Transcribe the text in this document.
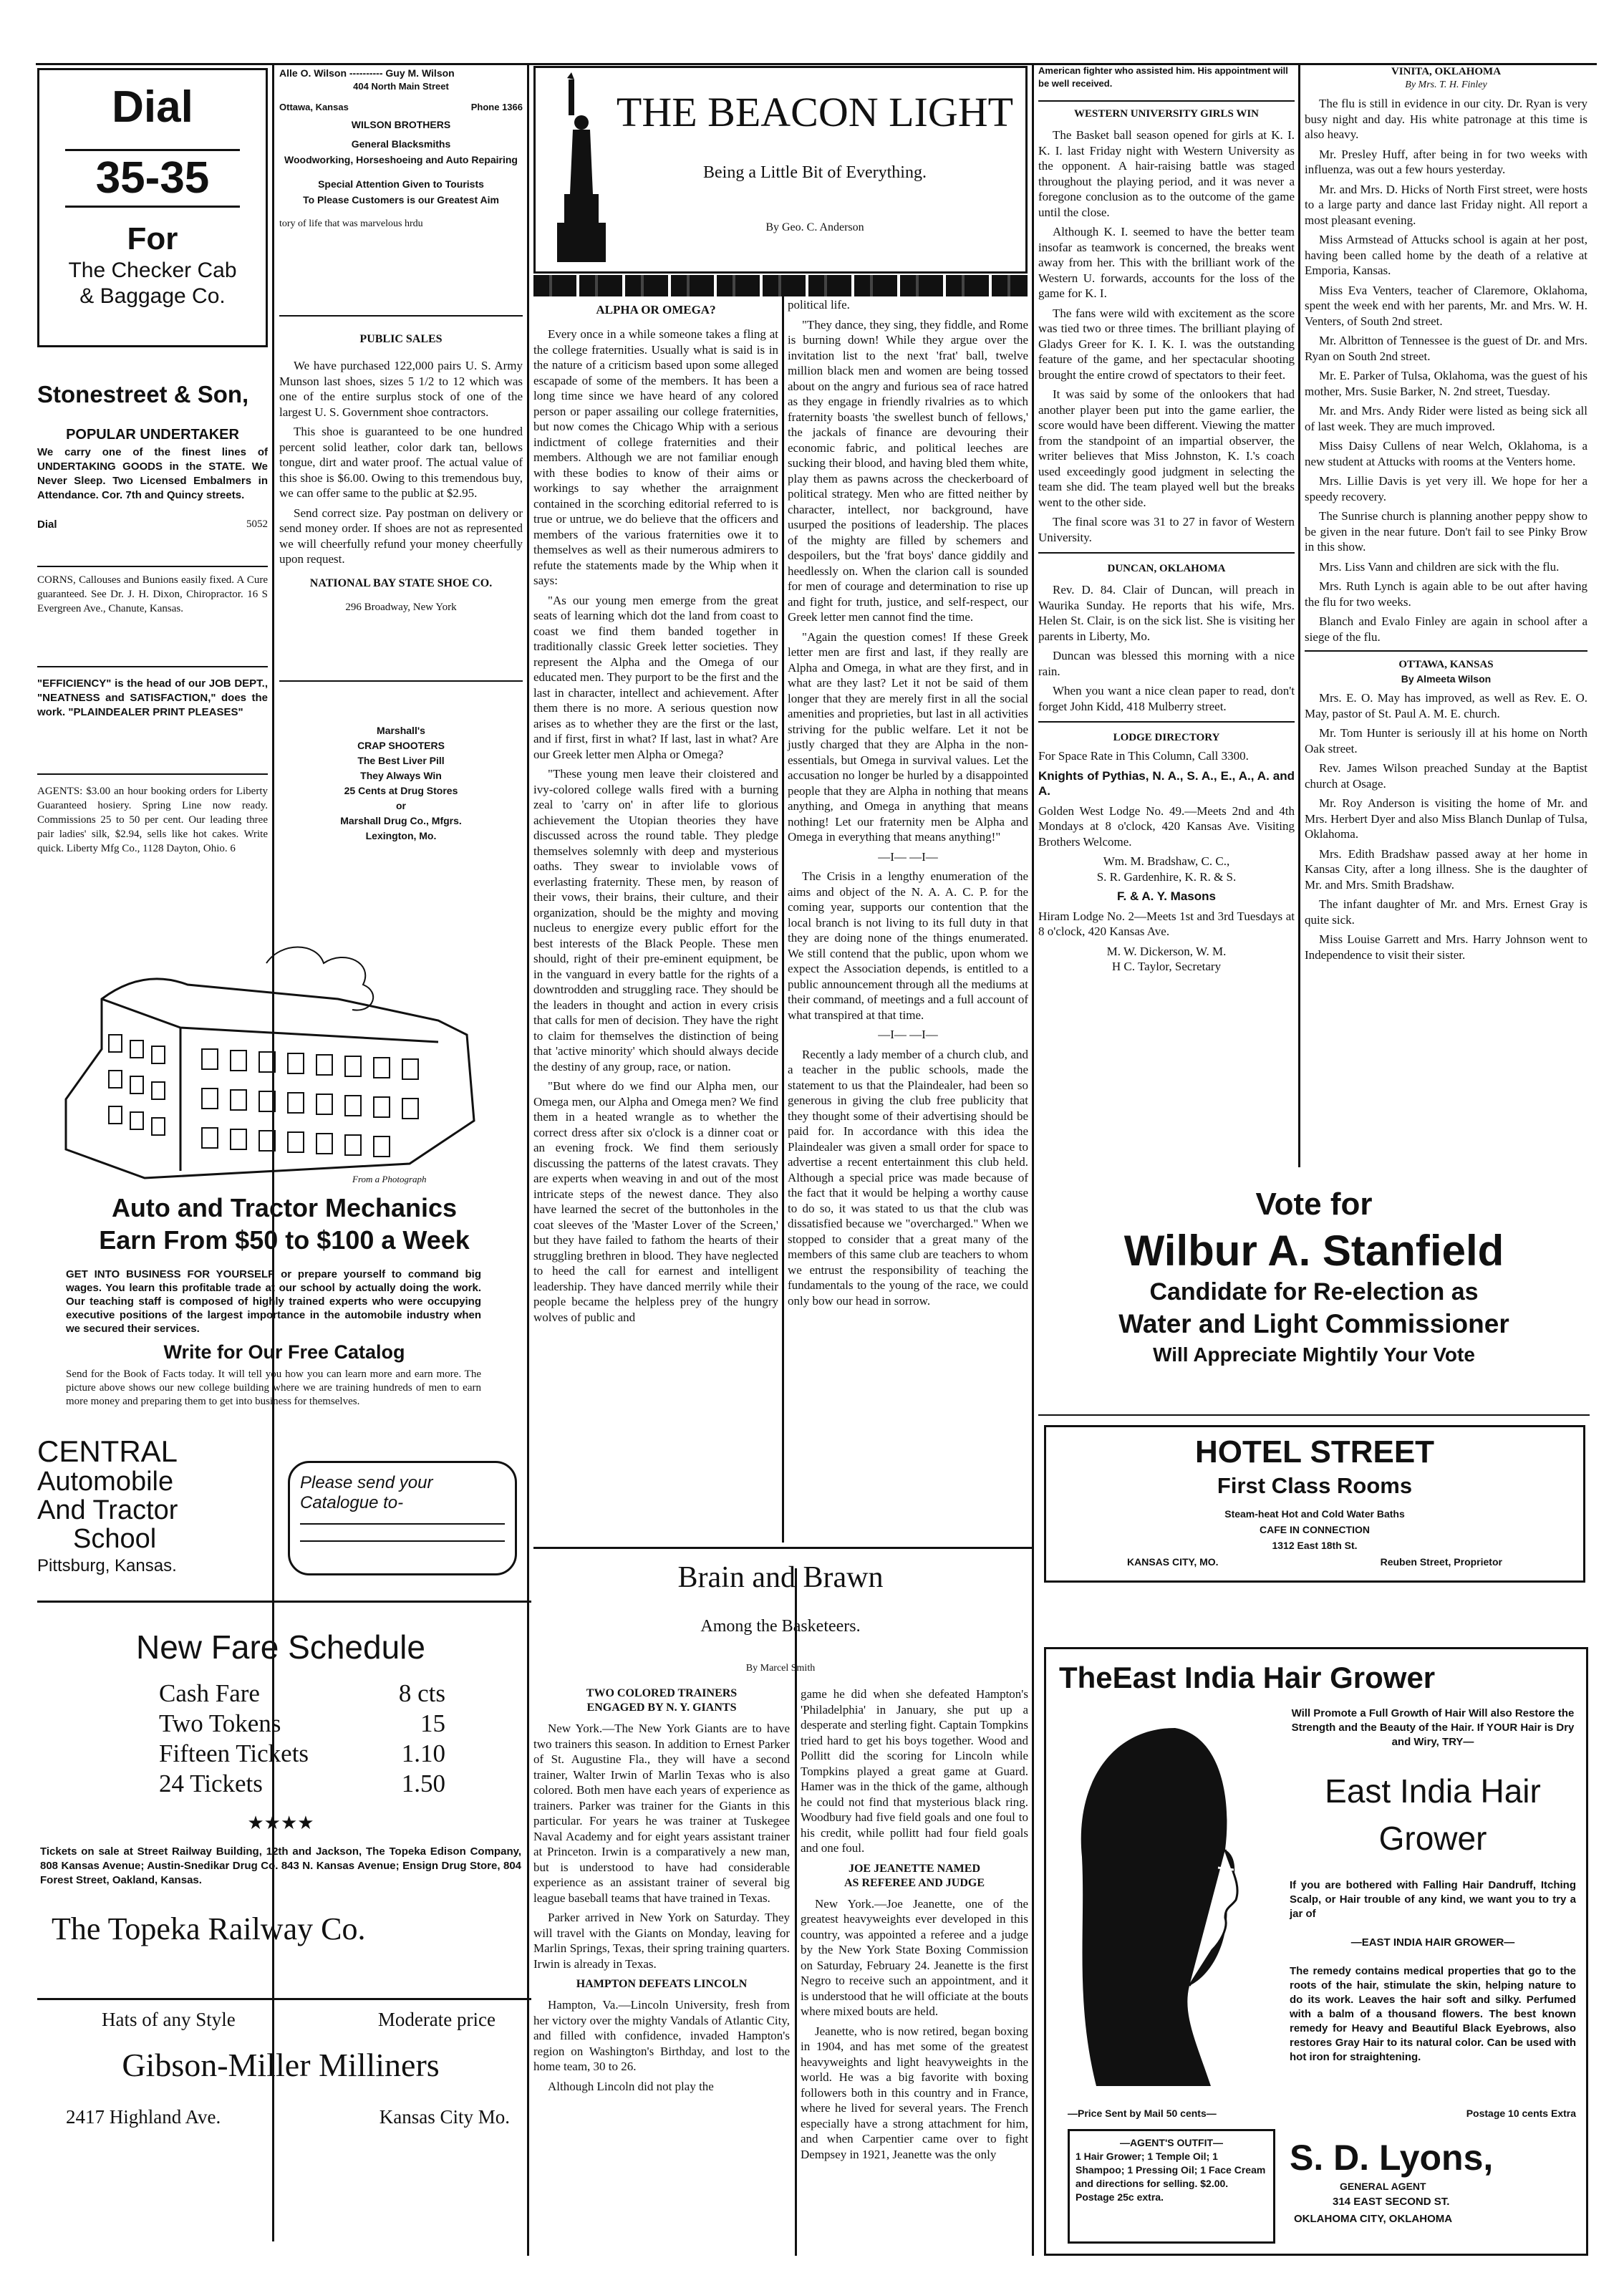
Dial
35-35
For
The Checker Cab
& Baggage Co.
Stonestreet & Son,
POPULAR UNDERTAKER
We carry one of the finest lines of UNDERTAKING GOODS in the STATE. We Never Sleep. Two Licensed Embalmers in Attendance. Cor. 7th and Quincy streets.
Dial	5052
CORNS, Callouses and Bunions easily fixed. A Cure guaranteed. See Dr. J. H. Dixon, Chiropractor. 16 S Evergreen Ave., Chanute, Kansas.
"EFFICIENCY" is the head of our JOB DEPT., "NEATNESS and SATISFACTION," does the work. "PLAINDEALER PRINT PLEASES"
AGENTS: $3.00 an hour booking orders for Liberty Guaranteed hosiery. Spring Line now ready. Commissions 25 to 50 per cent. Our leading three pair ladies' silk, $2.94, sells like hot cakes. Write quick. Liberty Mfg Co., 1128 Dayton, Ohio. 6
From a Photograph
Auto and Tractor Mechanics
Earn From $50 to $100 a Week
GET INTO BUSINESS FOR YOURSELF or prepare yourself to command big wages. You learn this profitable trade at our school by actually doing the work. Our teaching staff is composed of highly trained experts who were occupying executive positions of the largest importance in the automobile industry when we secured their services.
Write for Our Free Catalog
Send for the Book of Facts today. It will tell you how you can learn more and earn more. The picture above shows our new college building where we are training hundreds of men to earn more money and preparing them to get into business for themselves.
CENTRAL
Automobile
And Tractor
School
Pittsburg, Kansas.
Please send your
Catalogue to-
New Fare Schedule
Cash Fare	8 cts
Two Tokens	15
Fifteen Tickets	1.10
24 Tickets	1.50
★★★★
Tickets on sale at Street Railway Building, 12th and Jackson, The Topeka Edison Company, 808 Kansas Avenue; Austin-Snedikar Drug Co. 843 N. Kansas Avenue; Ensign Drug Store, 804 Forest Street, Oakland, Kansas.
The Topeka Railway Co.
Hats of any Style	Moderate price
Gibson-Miller Milliners
2417 Highland Ave.	Kansas City Mo.
Alle O. Wilson ---------- Guy M. Wilson
404 North Main Street
Ottawa, Kansas	Phone 1366
WILSON BROTHERS
General Blacksmiths
Woodworking, Horseshoeing and Auto Repairing
Special Attention Given to Tourists
To Please Customers is our Greatest Aim
tory of life that was marvelous hrdu
PUBLIC SALES

We have purchased 122,000 pairs U. S. Army Munson last shoes, sizes 5 1/2 to 12 which was one of the entire surplus stock of one of the largest U. S. Government shoe contractors.

This shoe is guaranteed to be one hundred percent solid leather, color dark tan, bellows tongue, dirt and water proof. The actual value of this shoe is $6.00. Owing to this tremendous buy, we can offer same to the public at $2.95.

Send correct size. Pay postman on delivery or send money order. If shoes are not as represented we will cheerfully refund your money cheerfully upon request.

NATIONAL BAY STATE SHOE CO.
296 Broadway, New York
Marshall's
CRAP SHOOTERS
The Best Liver Pill
They Always Win
25 Cents at Drug Stores
or
Marshall Drug Co., Mfgrs.
Lexington, Mo.
THE BEACON LIGHT
Being a Little Bit of Everything.
By Geo. C. Anderson
ALPHA OR OMEGA?

Every once in a while someone takes a fling at the college fraternities. Usually what is said is in the nature of a criticism based upon some alleged escapade of some of the members. It has been a long time since we have heard of any colored person or paper assailing our college fraternities, but now comes the Chicago Whip with a serious indictment of college fraternities and their members. Although we are not familiar enough with these bodies to know of their aims or workings to say whether the arraignment contained in the scorching editorial referred to is true or untrue, we do believe that the officers and members of the various fraternities owe it to themselves as well as their numerous admirers to refute the statements made by the Whip when it says:

"As our young men emerge from the great seats of learning which dot the land from coast to coast we find them banded together in traditionally classic Greek letter societies. They represent the Alpha and the Omega of our educated men. They purport to be the first and the last in character, intellect and achievement. After them there is no more. A serious question now arises as to whether they are the first or the last, and if first, first in what? If last, last in what? Are our Greek letter men Alpha or Omega?

"These young men leave their cloistered and ivy-colored college walls fired with a burning zeal to 'carry on' in after life to glorious achievement the Utopian theories they have discussed across the round table. They pledge themselves solemnly with deep and mysterious oaths. They swear to inviolable vows of everlasting fraternity. These men, by reason of their vows, their brains, their culture, and their organization, should be the mighty and moving nucleus to energize every public effort for the best interests of the Black People. These men should, right of their pre-eminent equipment, be in the vanguard in every battle for the rights of a downtrodden and struggling race. They should be the leaders in thought and action in every crisis that calls for men of decision. They have the right to claim for themselves the distinction of being that 'active minority' which should always decide the destiny of any group, race, or nation.

"But where do we find our Alpha men, our Omega men, our Alpha and Omega men? We find them in a heated wrangle as to whether the correct dress after six o'clock is a dinner coat or an evening frock. We find them seriously discussing the patterns of the latest cravats. They are experts when weaving in and out of the most intricate steps of the newest dance. They also have learned the secret of the buttonholes in the coat sleeves of the 'Master Lover of the Screen,' but they have failed to fathom the hearts of their struggling brethren in blood. They have neglected to heed the call for earnest and intelligent leadership. They have danced merrily while their people became the helpless prey of the hungry wolves of public and

political life.

"They dance, they sing, they fiddle, and Rome is burning down! While they argue over the invitation list to the next 'frat' ball, twelve million black men and women are being tossed about on the angry and furious sea of race hatred as they engage in friendly rivalries as to which fraternity boasts 'the swellest bunch of fellows,' the jackals of finance are devouring their economic fabric, and political leeches are sucking their blood, and having bled them white, play them as pawns across the checkerboard of political strategy. Men who are fitted neither by character, intellect, nor background, have usurped the positions of leadership. The places of the mighty are filled by schemers and despoilers, but the 'frat boys' dance giddily and heedlessly on. When the clarion call is sounded for men of courage and determination to rise up and fight for truth, justice, and self-respect, our Greek letter men cannot find the time.

"Again the question comes! If these Greek letter men are first and last, if they really are Alpha and Omega, in what are they first, and in what are they last? Let it not be said of them longer that they are merely first in all the social amenities and proprieties, but last in all activities striving for the public welfare. Let it not be justly charged that they are Alpha in the non-essentials, but Omega in survival values. Let the accusation no longer be hurled by a disappointed people that they are Alpha in nothing that means anything, and Omega in anything that means nothing! Let our fraternity men be Alpha and Omega in everything that means anything!"

—I— —I—

The Crisis in a lengthy enumeration of the aims and object of the N. A. A. C. P. for the coming year, supports our contention that the local branch is not living to its full duty in that they are doing none of the things enumerated. We still contend that the public, upon whom we expect the Association depends, is entitled to a public announcement through all the mediums at their command, of meetings and a full account of what transpired at that time.

—I— —I—

Recently a lady member of a church club, and a teacher in the public schools, made the statement to us that the Plaindealer, had been so generous in giving the club free publicity that they thought some of their advertising should be paid for. In accordance with this idea the Plaindealer was given a small order for space to advertise a recent entertainment this club held. Although a special price was made because of the fact that it would be helping a worthy cause to do so, it was stated to us that the club was dissatisfied because we "overcharged." When we stopped to consider that a great many of the members of this same club are teachers to whom we entrust the responsibility of teaching the fundamentals to the young of the race, we could only bow our head in sorrow.

Brain and Brawn
Among the Basketeers.
By Marcel Smith
TWO COLORED TRAINERS
ENGAGED BY N. Y. GIANTS

New York.—The New York Giants are to have two trainers this season. In addition to Ernest Parker of St. Augustine Fla., they will have a second trainer, Walter Irwin of Marlin Texas who is also colored. Both men have each years of experience as trainers. Parker was trainer for the Giants in this particular. For years he was trainer at Tuskegee Naval Academy and for eight years assistant trainer at Princeton. Irwin is a comparatively a new man, but is understood to have had considerable experience as an assistant trainer of several big league baseball teams that have trained in Texas.

Parker arrived in New York on Saturday. They will travel with the Giants on Monday, leaving for Marlin Springs, Texas, their spring training quarters. Irwin is already in Texas.

HAMPTON DEFEATS LINCOLN

Hampton, Va.—Lincoln University, fresh from her victory over the mighty Vandals of Atlantic City, and filled with confidence, invaded Hampton's region on Washington's Birthday, and lost to the home team, 30 to 26.

Although Lincoln did not play the

game he did when she defeated Hampton's 'Philadelphia' in January, she put up a desperate and sterling fight. Captain Tompkins tried hard to get his boys together. Wood and Pollitt did the scoring for Lincoln while Tompkins played a great game at Guard. Hamer was in the thick of the game, although he could not find that mysterious black ring. Woodbury had five field goals and one foul to his credit, while pollitt had four field goals and one foul.

JOE JEANETTE NAMED
AS REFEREE AND JUDGE

New York.—Joe Jeanette, one of the greatest heavyweights ever developed in this country, was appointed a referee and a judge by the New York State Boxing Commission on Saturday, February 24. Jeanette is the first Negro to receive such an appointment, and it is understood that he will officiate at the bouts where mixed bouts are held.

Jeanette, who is now retired, began boxing in 1904, and has met some of the greatest heavyweights and light heavyweights in the world. He was a big favorite with boxing followers both in this country and in France, where he lived for several years. The French especially have a strong attachment for him, and when Carpentier came over to fight Dempsey in 1921, Jeanette was the only

American fighter who assisted him. His appointment will be well received.
WESTERN UNIVERSITY GIRLS WIN

The Basket ball season opened for girls at K. I. K. I. last Friday night with Western University as the opponent. A hair-raising battle was staged throughout the playing period, and it was never a foregone conclusion as to the outcome of the game until the close.

Although K. I. seemed to have the better team insofar as teamwork is concerned, the breaks went away from her. This with the brilliant work of the Western U. forwards, accounts for the loss of the game for K. I.

The fans were wild with excitement as the score was tied two or three times. The brilliant playing of Gladys Greer for K. I. K. I. was the outstanding feature of the game, and her spectacular shooting brought the entire crowd of spectators to their feet.

It was said by some of the onlookers that had another player been put into the game earlier, the score would have been different. Viewing the matter from the standpoint of an impartial observer, the writer believes that Miss Johnston, K. I.'s coach used exceedingly good judgment in selecting the team she did. The team played well but the breaks went to the other side.

The final score was 31 to 27 in favor of Western University.

DUNCAN, OKLAHOMA

Rev. D. 84. Clair of Duncan, will preach in Waurika Sunday. He reports that his wife, Mrs. Helen St. Clair, is on the sick list. She is visiting her parents in Liberty, Mo.

Duncan was blessed this morning with a nice rain.

When you want a nice clean paper to read, don't forget John Kidd, 418 Mulberry street.

LODGE DIRECTORY

For Space Rate in This Column, Call 3300.

Knights of Pythias, N. A., S. A., E., A., A. and A.

Golden West Lodge No. 49.—Meets 2nd and 4th Mondays at 8 o'clock, 420 Kansas Ave. Visiting Brothers Welcome.

Wm. M. Bradshaw, C. C.,

S. R. Gardenhire, K. R. & S.

F. & A. Y. Masons

Hiram Lodge No. 2—Meets 1st and 3rd Tuesdays at 8 o'clock, 420 Kansas Ave.

M. W. Dickerson, W. M.

H C. Taylor, Secretary

VINITA, OKLAHOMA
By Mrs. T. H. Finley

The flu is still in evidence in our city. Dr. Ryan is very busy night and day. His white patronage at this time is also heavy.

Mr. Presley Huff, after being in for two weeks with influenza, was out a few hours yesterday.

Mr. and Mrs. D. Hicks of North First street, were hosts to a large party and dance last Friday night. All report a most pleasant evening.

Miss Armstead of Attucks school is again at her post, having been called home by the death of a relative at Emporia, Kansas.

Miss Eva Venters, teacher of Claremore, Oklahoma, spent the week end with her parents, Mr. and Mrs. W. H. Venters, of South 2nd street.

Mr. Albritton of Tennessee is the guest of Dr. and Mrs. Ryan on South 2nd street.

Mr. E. Parker of Tulsa, Oklahoma, was the guest of his mother, Mrs. Susie Barker, N. 2nd street, Tuesday.

Mr. and Mrs. Andy Rider were listed as being sick all of last week. They are much improved.

Miss Daisy Cullens of near Welch, Oklahoma, is a new student at Attucks with rooms at the Venters home.

Mrs. Lillie Davis is yet very ill. We hope for her a speedy recovery.

The Sunrise church is planning another peppy show to be given in the near future. Don't fail to see Pinky Brow in this show.

Mrs. Liss Vann and children are sick with the flu.

Mrs. Ruth Lynch is again able to be out after having the flu for two weeks.

Blanch and Evalo Finley are again in school after a siege of the flu.

OTTAWA, KANSAS
By Almeeta Wilson

Mrs. E. O. May has improved, as well as Rev. E. O. May, pastor of St. Paul A. M. E. church.

Mr. Tom Hunter is seriously ill at his home on North Oak street.

Rev. James Wilson preached Sunday at the Baptist church at Osage.

Mr. Roy Anderson is visiting the home of Mr. and Mrs. Herbert Dyer and also Miss Blanch Dunlap of Tulsa, Oklahoma.

Mrs. Edith Bradshaw passed away at her home in Kansas City, after a long illness. She is the daughter of Mr. and Mrs. Smith Bradshaw.

The infant daughter of Mr. and Mrs. Ernest Gray is quite sick.

Miss Louise Garrett and Mrs. Harry Johnson went to Independence to visit their sister.

Vote for
Wilbur A. Stanfield
Candidate for Re-election as
Water and Light Commissioner
Will Appreciate Mightily Your Vote
HOTEL STREET
First Class Rooms
Steam-heat Hot and Cold Water Baths
CAFE IN CONNECTION
1312 East 18th St.
KANSAS CITY, MO.	Reuben Street, Proprietor
TheEast India Hair Grower
Will Promote a Full Growth of Hair Will also Restore the Strength and the Beauty of the Hair. If YOUR Hair is Dry and Wiry, TRY—
East India Hair
Grower
If you are bothered with Falling Hair Dandruff, Itching Scalp, or Hair trouble of any kind, we want you to try a jar of
—EAST INDIA HAIR GROWER—
The remedy contains medical properties that go to the roots of the hair, stimulate the skin, helping nature to do its work. Leaves the hair soft and silky. Perfumed with a balm of a thousand flowers. The best known remedy for Heavy and Beautiful Black Eyebrows, also restores Gray Hair to its natural color. Can be used with hot iron for straightening.
—Price Sent by Mail 50 cents—	Postage 10 cents Extra
—AGENT'S OUTFIT—
1 Hair Grower; 1 Temple Oil; 1 Shampoo; 1 Pressing Oil; 1 Face Cream and directions for selling. $2.00. Postage 25c extra.
S. D. Lyons,
GENERAL AGENT
314 EAST SECOND ST.
OKLAHOMA CITY, OKLAHOMA
